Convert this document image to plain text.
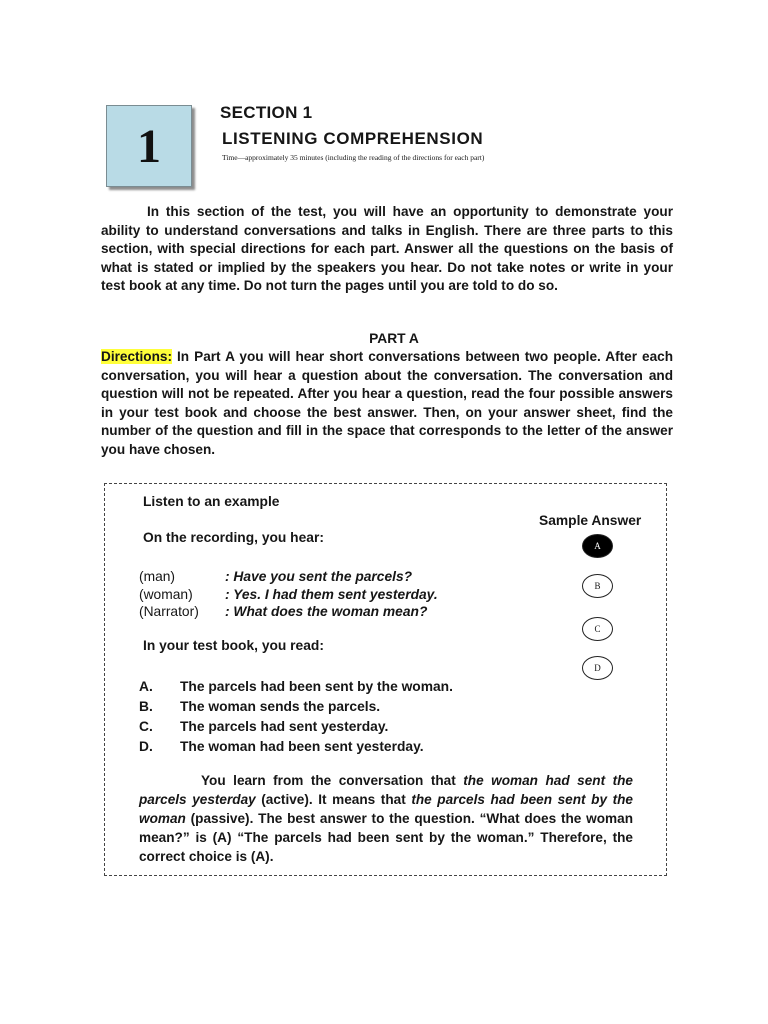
1
SECTION 1
LISTENING COMPREHENSION
Time—approximately 35 minutes (including the reading of the directions for each part)

In this section of the test, you will have an opportunity to demonstrate your ability to understand conversations and talks in English. There are three parts to this section, with special directions for each part. Answer all the questions on the basis of what is stated or implied by the speakers you hear. Do not take notes or write in your test book at any time. Do not turn the pages until you are told to do so.

PART A

Directions: In Part A you will hear short conversations between two people. After each conversation, you will hear a question about the conversation. The conversation and question will not be repeated. After you hear a question, read the four possible answers in your test book and choose the best answer. Then, on your answer sheet, find the number of the question and fill in the space that corresponds to the letter of the answer you have chosen.

Listen to an example

On the recording, you hear:

(man)	: Have you sent the parcels?
(woman)	: Yes. I had them sent yesterday.
(Narrator)	: What does the woman mean?

In your test book, you read:

A.	The parcels had been sent by the woman.
B.	The woman sends the parcels.
C.	The parcels had sent yesterday.
D.	The woman had been sent yesterday.
Sample Answer
A
B
C
D

You learn from the conversation that the woman had sent the parcels yesterday (active). It means that the parcels had been sent by the woman (passive). The best answer to the question. “What does the woman mean?” is (A) “The parcels had been sent by the woman.” Therefore, the correct choice is (A).
